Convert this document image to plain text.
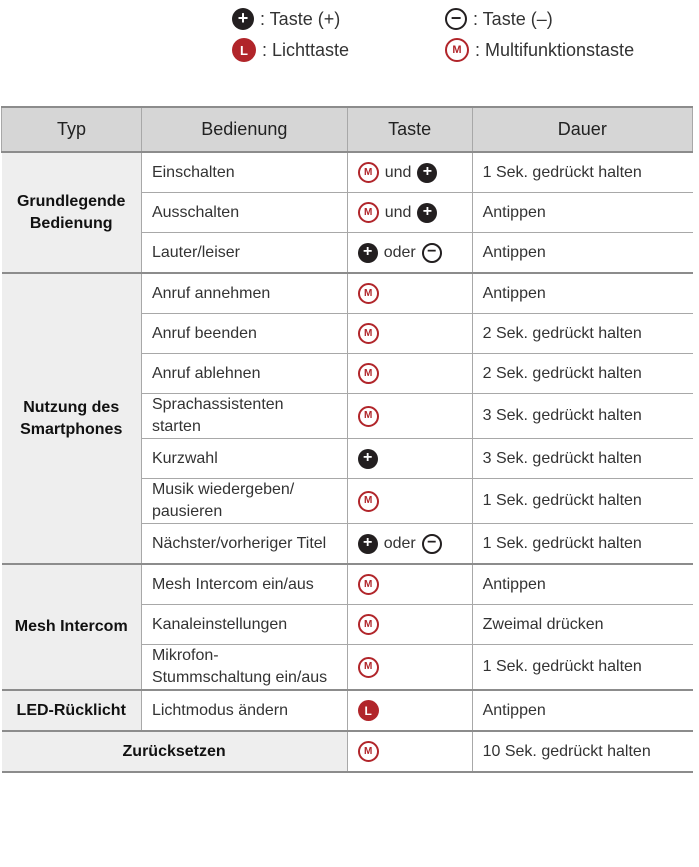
+ : Taste (+)	− : Taste (–)
L : Lichttaste	M : Multifunktionstaste
Typ	Bedienung	Taste	Dauer
Grundlegende Bedienung	Einschalten	M und +	1 Sek. gedrückt halten
	Ausschalten	M und +	Antippen
	Lauter/leiser	+ oder −	Antippen
Nutzung des Smartphones	Anruf annehmen	M	Antippen
	Anruf beenden	M	2 Sek. gedrückt halten
	Anruf ablehnen	M	2 Sek. gedrückt halten
	Sprachassistenten starten	M	3 Sek. gedrückt halten
	Kurzwahl	+	3 Sek. gedrückt halten
	Musik wiedergeben/ pausieren	M	1 Sek. gedrückt halten
	Nächster/vorheriger Titel	+ oder −	1 Sek. gedrückt halten
Mesh Intercom	Mesh Intercom ein/aus	M	Antippen
	Kanaleinstellungen	M	Zweimal drücken
	Mikrofon-Stummschaltung ein/aus	M	1 Sek. gedrückt halten
LED-Rücklicht	Lichtmodus ändern	L	Antippen
Zurücksetzen		M	10 Sek. gedrückt halten
